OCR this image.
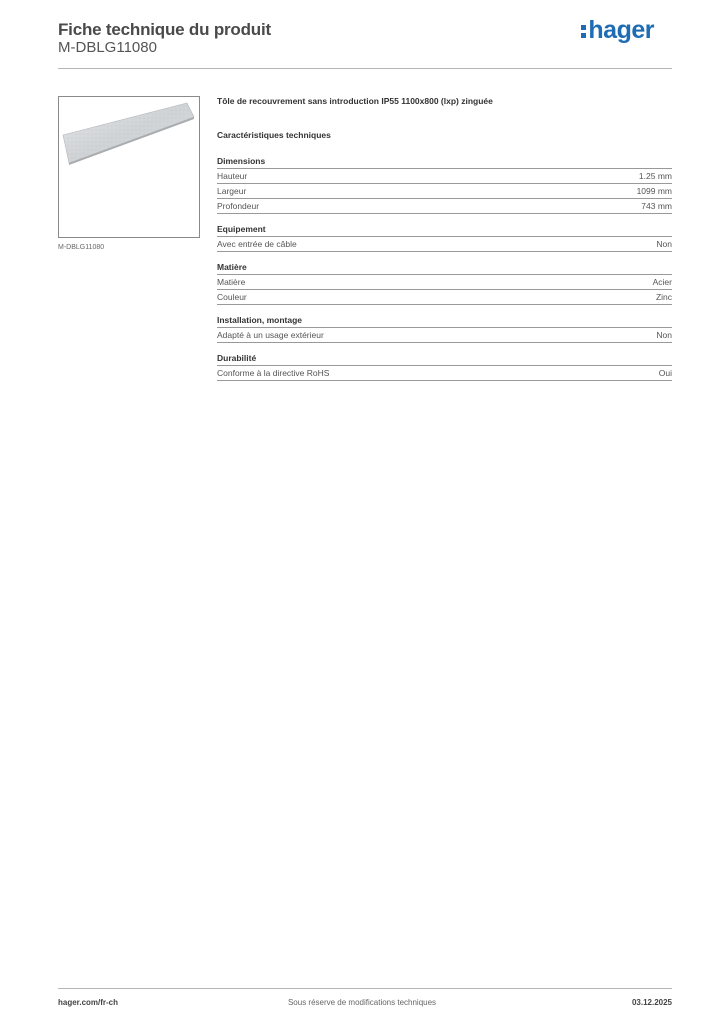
Fiche technique du produit
M-DBLG11080
hager
M-DBLG11080
Tôle de recouvrement sans introduction IP55 1100x800 (lxp) zinguée
Caractéristiques techniques
Dimensions
Hauteur	1.25 mm
Largeur	1099 mm
Profondeur	743 mm
Equipement
Avec entrée de câble	Non
Matière
Matière	Acier
Couleur	Zinc
Installation, montage
Adapté à un usage extérieur	Non
Durabilité
Conforme à la directive RoHS	Oui
hager.com/fr-ch	Sous réserve de modifications techniques	03.12.2025
